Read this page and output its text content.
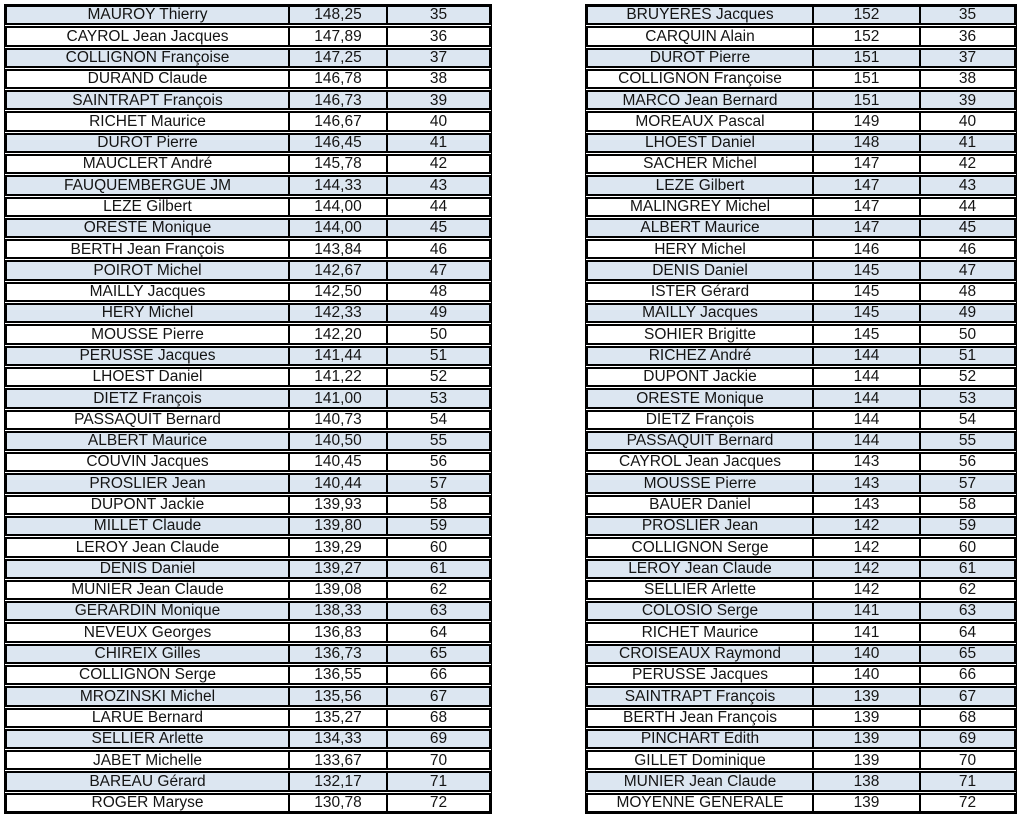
MAUROY Thierry	148,25	35
CAYROL Jean Jacques	147,89	36
COLLIGNON Françoise	147,25	37
DURAND Claude	146,78	38
SAINTRAPT François	146,73	39
RICHET Maurice	146,67	40
DUROT Pierre	146,45	41
MAUCLERT André	145,78	42
FAUQUEMBERGUE JM	144,33	43
LEZE Gilbert	144,00	44
ORESTE Monique	144,00	45
BERTH Jean François	143,84	46
POIROT Michel	142,67	47
MAILLY Jacques	142,50	48
HERY Michel	142,33	49
MOUSSE Pierre	142,20	50
PERUSSE Jacques	141,44	51
LHOEST Daniel	141,22	52
DIETZ François	141,00	53
PASSAQUIT Bernard	140,73	54
ALBERT Maurice	140,50	55
COUVIN Jacques	140,45	56
PROSLIER Jean	140,44	57
DUPONT Jackie	139,93	58
MILLET Claude	139,80	59
LEROY Jean Claude	139,29	60
DENIS Daniel	139,27	61
MUNIER Jean Claude	139,08	62
GERARDIN Monique	138,33	63
NEVEUX Georges	136,83	64
CHIREIX Gilles	136,73	65
COLLIGNON Serge	136,55	66
MROZINSKI Michel	135,56	67
LARUE Bernard	135,27	68
SELLIER Arlette	134,33	69
JABET Michelle	133,67	70
BAREAU Gérard	132,17	71
ROGER Maryse	130,78	72
BRUYERES Jacques	152	35
CARQUIN Alain	152	36
DUROT Pierre	151	37
COLLIGNON Françoise	151	38
MARCO Jean Bernard	151	39
MOREAUX Pascal	149	40
LHOEST Daniel	148	41
SACHER Michel	147	42
LEZE Gilbert	147	43
MALINGREY Michel	147	44
ALBERT Maurice	147	45
HERY Michel	146	46
DENIS Daniel	145	47
ISTER Gérard	145	48
MAILLY Jacques	145	49
SOHIER Brigitte	145	50
RICHEZ André	144	51
DUPONT Jackie	144	52
ORESTE Monique	144	53
DIETZ François	144	54
PASSAQUIT Bernard	144	55
CAYROL Jean Jacques	143	56
MOUSSE Pierre	143	57
BAUER Daniel	143	58
PROSLIER Jean	142	59
COLLIGNON Serge	142	60
LEROY Jean Claude	142	61
SELLIER Arlette	142	62
COLOSIO Serge	141	63
RICHET Maurice	141	64
CROISEAUX Raymond	140	65
PERUSSE Jacques	140	66
SAINTRAPT François	139	67
BERTH Jean François	139	68
PINCHART Édith	139	69
GILLET Dominique	139	70
MUNIER Jean Claude	138	71
MOYENNE GENERALE	139	72
